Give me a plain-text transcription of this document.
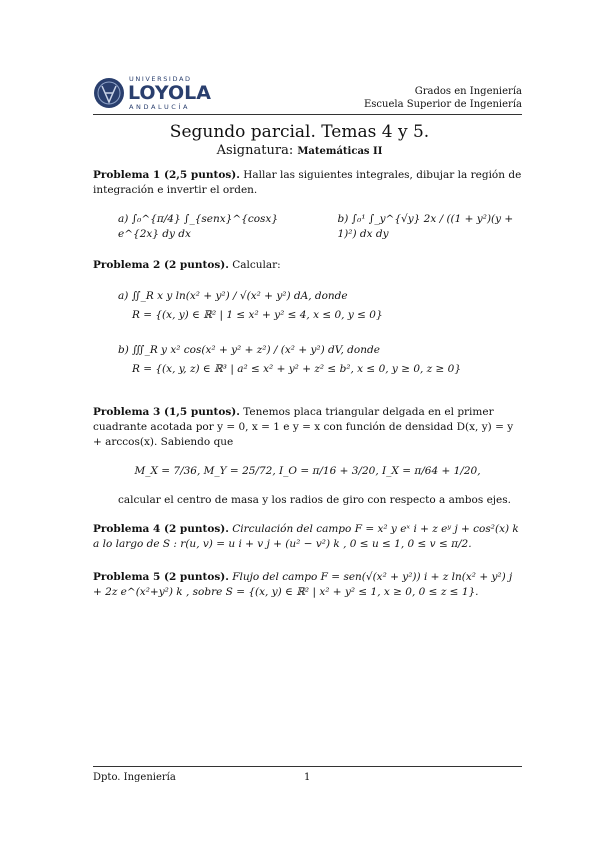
UNIVERSIDAD
LOYOLA
ANDALUCÍA
Grados en Ingeniería
Escuela Superior de Ingeniería
Segundo parcial. Temas 4 y 5.
Asignatura: Matemáticas II
Problema 1 (2,5 puntos). Hallar las siguientes integrales, dibujar la región de integración e invertir el orden.
a) ∫₀^{π/4} ∫_{senx}^{cosx} e^{2x} dy dx
b) ∫₀¹ ∫_y^{√y} 2x / ((1 + y²)(y + 1)²) dx dy
Problema 2 (2 puntos). Calcular:
a) ∬_R x y ln(x² + y²) / √(x² + y²) dA, donde
R = {(x, y) ∈ ℝ² | 1 ≤ x² + y² ≤ 4, x ≤ 0, y ≤ 0}
b) ∭_R y x² cos(x² + y² + z²) / (x² + y²) dV, donde
R = {(x, y, z) ∈ ℝ³ | a² ≤ x² + y² + z² ≤ b², x ≤ 0, y ≥ 0, z ≥ 0}
Problema 3 (1,5 puntos). Tenemos placa triangular delgada en el primer cuadrante acotada por y = 0, x = 1 e y = x con función de densidad D(x, y) = y + arccos(x). Sabiendo que
M_X = 7/36, M_Y = 25/72, I_O = π/16 + 3/20, I_X = π/64 + 1/20,
calcular el centro de masa y los radios de giro con respecto a ambos ejes.
Problema 4 (2 puntos). Circulación del campo F = x² y eˣ i + z eʸ j + cos²(x) k a lo largo de S : r(u, v) = u i + v j + (u² − v²) k , 0 ≤ u ≤ 1, 0 ≤ v ≤ π/2.
Problema 5 (2 puntos). Flujo del campo F = sen(√(x² + y²)) i + z ln(x² + y²) j + 2z e^(x²+y²) k , sobre S = {(x, y) ∈ ℝ² | x² + y² ≤ 1, x ≥ 0, 0 ≤ z ≤ 1}.
Dpto. Ingeniería	1
